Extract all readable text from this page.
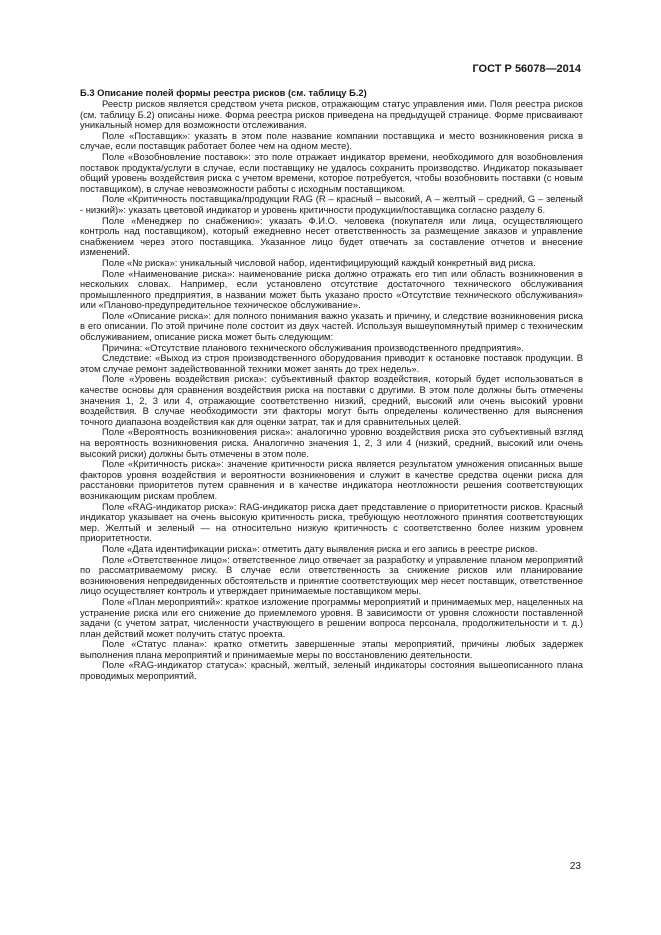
ГОСТ Р 56078—2014

Б.3 Описание полей формы реестра рисков (см. таблицу Б.2)

Реестр рисков является средством учета рисков, отражающим статус управления ими. Поля реестра рисков (см. таблицу Б.2) описаны ниже. Форма реестра рисков приведена на предыдущей странице. Форме присваивают уникальный номер для возможности отслеживания.

Поле «Поставщик»: указать в этом поле название компании поставщика и место возникновения риска в случае, если поставщик работает более чем на одном месте).

Поле «Возобновление поставок»: это поле отражает индикатор времени, необходимого для возобновления поставок продукта/услуги в случае, если поставщику не удалось сохранить производство. Индикатор показывает общий уровень воздействия риска с учетом времени, которое потребуется, чтобы возобновить поставки (с новым поставщиком), в случае невозможности работы с исходным поставщиком.

Поле «Критичность поставщика/продукции RAG (R – красный – высокий, А – желтый – средний, G – зеленый - низкий)»: указать цветовой индикатор и уровень критичности продукции/поставщика согласно разделу 6.

Поле «Менеджер по снабжению»: указать Ф.И.О. человека (покупателя или лица, осуществляющего контроль над поставщиком), который ежедневно несет ответственность за размещение заказов и управление снабжением через этого поставщика. Указанное лицо будет отвечать за составление отчетов и внесение изменений.

Поле «№ риска»: уникальный числовой набор, идентифицирующий каждый конкретный вид риска.

Поле «Наименование риска»: наименование риска должно отражать его тип или область возникновения в нескольких словах. Например, если установлено отсутствие достаточного технического обслуживания промышленного предприятия, в названии может быть указано просто «Отсутствие технического обслуживания» или «Планово-предупредительное техническое обслуживание».

Поле «Описание риска»: для полного понимания важно указать и причину, и следствие возникновения риска в его описании. По этой причине поле состоит из двух частей. Используя вышеупомянутый пример с техническим обслуживанием, описание риска может быть следующим:

Причина: «Отсутствие планового технического обслуживания производственного предприятия».

Следствие: «Выход из строя производственного оборудования приводит к остановке поставок продукции. В этом случае ремонт задействованной техники может занять до трех недель».

Поле «Уровень воздействия риска»: субъективный фактор воздействия, который будет использоваться в качестве основы для сравнения воздействия риска на поставки с другими. В этом поле должны быть отмечены значения 1, 2, 3 или 4, отражающие соответственно низкий, средний, высокий или очень высокий уровни воздействия. В случае необходимости эти факторы могут быть определены количественно для выяснения точного диапазона воздействия как для оценки затрат, так и для сравнительных целей.

Поле «Вероятность возникновения риска»: аналогично уровню воздействия риска это субъективный взгляд на вероятность возникновения риска. Аналогично значения 1, 2, 3 или 4 (низкий, средний, высокий или очень высокий риски) должны быть отмечены в этом поле.

Поле «Критичность риска»: значение критичности риска является результатом умножения описанных выше факторов уровня воздействия и вероятности возникновения и служит в качестве средства оценки риска для расстановки приоритетов путем сравнения и в качестве индикатора неотложности решения соответствующих возникающим рискам проблем.

Поле «RAG-индикатор риска»: RAG-индикатор риска дает представление о приоритетности рисков. Красный индикатор указывает на очень высокую критичность риска, требующую неотложного принятия соответствующих мер. Желтый и зеленый — на относительно низкую критичность с соответственно более низким уровнем приоритетности.

Поле «Дата идентификации риска»: отметить дату выявления риска и его запись в реестре рисков.

Поле «Ответственное лицо»: ответственное лицо отвечает за разработку и управление планом мероприятий по рассматриваемому риску. В случае если ответственность за снижение рисков или планирование возникновения непредвиденных обстоятельств и принятие соответствующих мер несет поставщик, ответственное лицо осуществляет контроль и утверждает принимаемые поставщиком меры.

Поле «План мероприятий»: краткое изложение программы мероприятий и принимаемых мер, нацеленных на устранение риска или его снижение до приемлемого уровня. В зависимости от уровня сложности поставленной задачи (с учетом затрат, численности участвующего в решении вопроса персонала, продолжительности и т. д.) план действий может получить статус проекта.

Поле «Статус плана»: кратко отметить завершенные этапы мероприятий, причины любых задержек выполнения плана мероприятий и принимаемые меры по восстановлению деятельности.

Поле «RAG-индикатор статуса»: красный, желтый, зеленый индикаторы состояния вышеописанного плана проводимых мероприятий.

23
